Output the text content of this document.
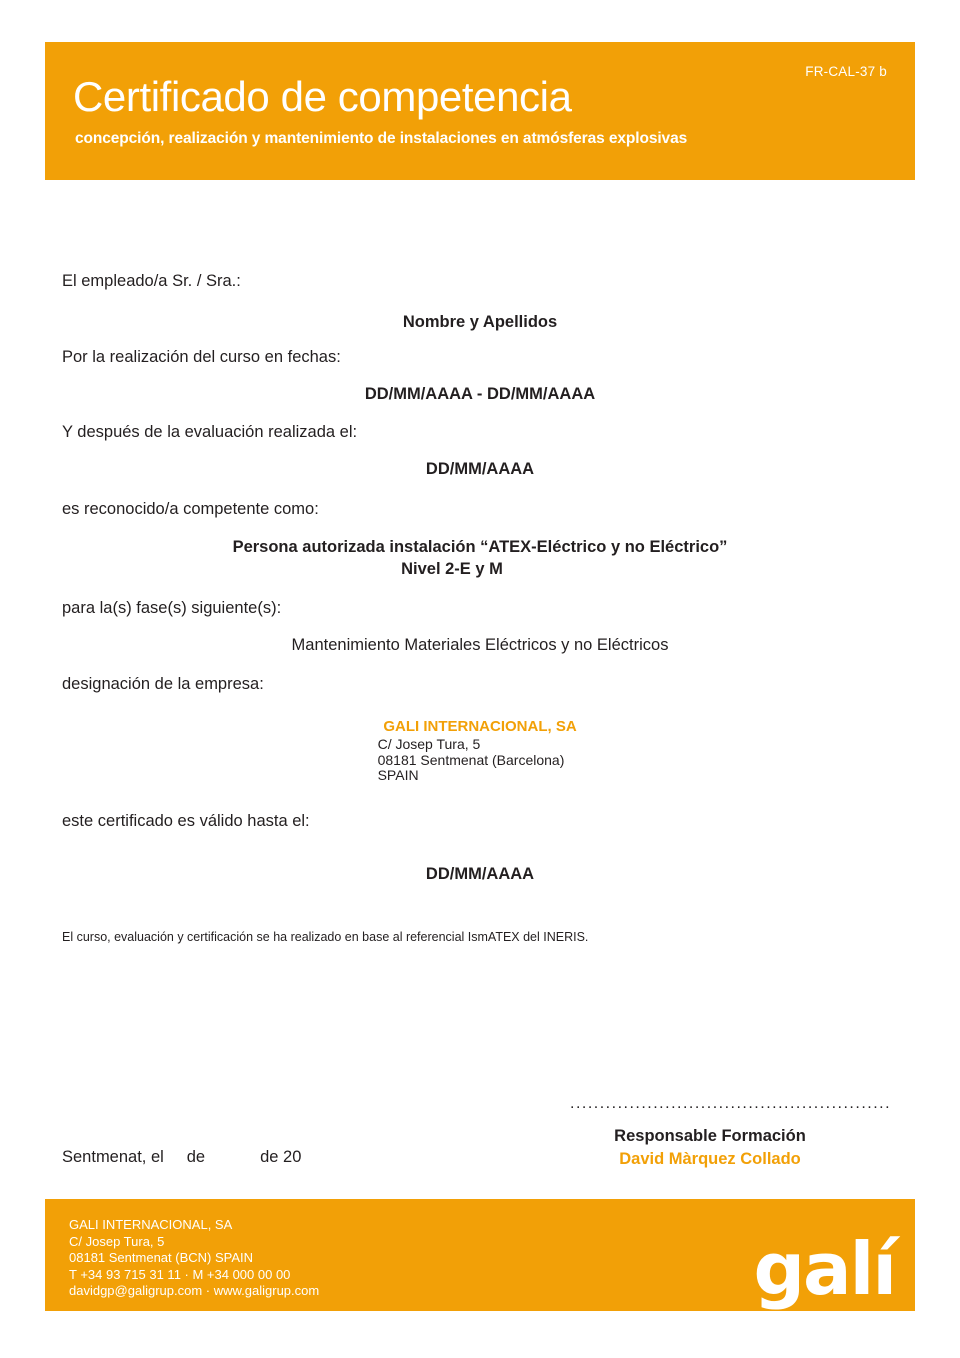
FR-CAL-37 b
Certificado de competencia
concepción, realización y mantenimiento de instalaciones en atmósferas explosivas
El empleado/a Sr. / Sra.:
Nombre y Apellidos
Por la realización del curso en fechas:
DD/MM/AAAA - DD/MM/AAAA
Y después de la evaluación realizada el:
DD/MM/AAAA
es reconocido/a competente como:
Persona autorizada instalación “ATEX-Eléctrico y no Eléctrico”
Nivel 2-E y M
para la(s) fase(s) siguiente(s):
Mantenimiento Materiales Eléctricos y no Eléctricos
designación de la empresa:
GALI INTERNACIONAL, SA
C/ Josep Tura, 5
08181 Sentmenat (Barcelona)
SPAIN
este certificado es válido hasta el:
DD/MM/AAAA
El curso, evaluación y certificación se ha realizado en base al referencial IsmATEX del INERIS.
......................................................
Responsable Formación
David Màrquez Collado
Sentmenat, el     de            de 20
GALI INTERNACIONAL, SA
C/ Josep Tura, 5
08181 Sentmenat (BCN) SPAIN
T +34 93 715 31 11 · M +34 000 00 00
davidgp@galigrup.com · www.galigrup.com	galí
